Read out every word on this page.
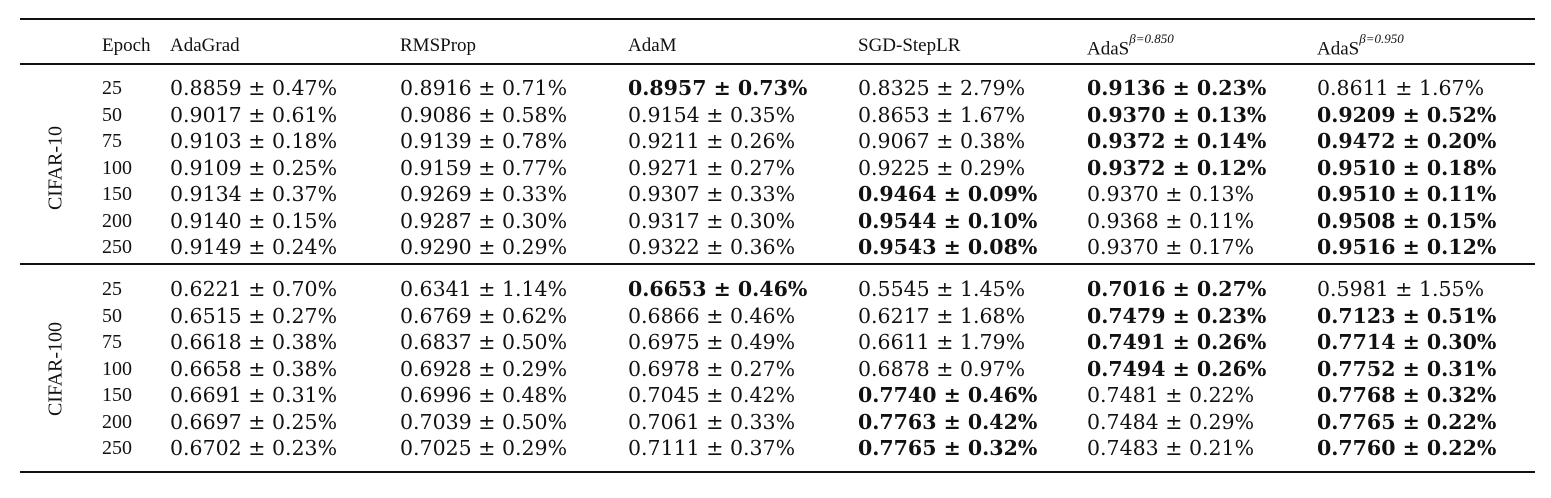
Epoch AdaGrad	RMSProp	AdaM	SGD-StepLR	AdaS$^{\beta=0.850}$	AdaS$^{\beta=0.950}$
CIFAR-10
25 0.8859 ± 0.47%	0.8916 ± 0.71%	0.8957 ± 0.73% 0.8325 ± 2.79%	0.9136 ± 0.23% 0.8611 ± 1.67%
50 0.9017 ± 0.61%	0.9086 ± 0.58%	0.9154 ± 0.35%	0.8653 ± 1.67%	0.9370 ± 0.13% 0.9209 ± 0.52%
75 0.9103 ± 0.18%	0.9139 ± 0.78%	0.9211 ± 0.26%	0.9067 ± 0.38%	0.9372 ± 0.14% 0.9472 ± 0.20%
100 0.9109 ± 0.25%	0.9159 ± 0.77%	0.9271 ± 0.27%	0.9225 ± 0.29%	0.9372 ± 0.12% 0.9510 ± 0.18%
150 0.9134 ± 0.37%	0.9269 ± 0.33%	0.9307 ± 0.33%	0.9464 ± 0.09% 0.9370 ± 0.13%	0.9510 ± 0.11%
200 0.9140 ± 0.15%	0.9287 ± 0.30%	0.9317 ± 0.30%	0.9544 ± 0.10% 0.9368 ± 0.11%	0.9508 ± 0.15%
250 0.9149 ± 0.24%	0.9290 ± 0.29%	0.9322 ± 0.36%	0.9543 ± 0.08% 0.9370 ± 0.17%	0.9516 ± 0.12%
CIFAR-100
25 0.6221 ± 0.70%	0.6341 ± 1.14%	0.6653 ± 0.46% 0.5545 ± 1.45%	0.7016 ± 0.27% 0.5981 ± 1.55%
50 0.6515 ± 0.27%	0.6769 ± 0.62%	0.6866 ± 0.46%	0.6217 ± 1.68%	0.7479 ± 0.23% 0.7123 ± 0.51%
75 0.6618 ± 0.38%	0.6837 ± 0.50%	0.6975 ± 0.49%	0.6611 ± 1.79%	0.7491 ± 0.26% 0.7714 ± 0.30%
100 0.6658 ± 0.38%	0.6928 ± 0.29%	0.6978 ± 0.27%	0.6878 ± 0.97%	0.7494 ± 0.26% 0.7752 ± 0.31%
150 0.6691 ± 0.31%	0.6996 ± 0.48%	0.7045 ± 0.42%	0.7740 ± 0.46% 0.7481 ± 0.22%	0.7768 ± 0.32%
200 0.6697 ± 0.25%	0.7039 ± 0.50%	0.7061 ± 0.33%	0.7763 ± 0.42% 0.7484 ± 0.29%	0.7765 ± 0.22%
250 0.6702 ± 0.23%	0.7025 ± 0.29%	0.7111 ± 0.37%	0.7765 ± 0.32% 0.7483 ± 0.21%	0.7760 ± 0.22%
